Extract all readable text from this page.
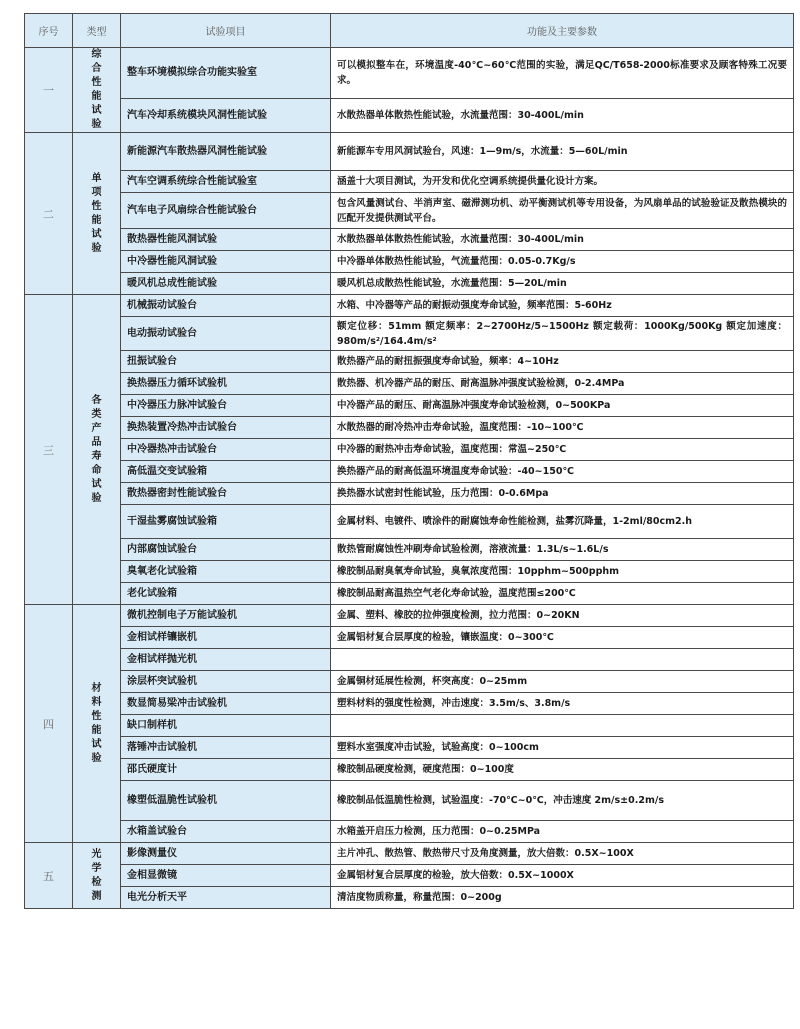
序号	类型	试验项目	功能及主要参数
一	综合性能试验	整车环境模拟综合功能实验室	可以模拟整车在，环境温度-40℃~60℃范围的实验，满足QC/T658-2000标准要求及顾客特殊工况要求。
		汽车冷却系统模块风洞性能试验	水散热器单体散热性能试验，水流量范围：30-400L/min
二	单项性能试验	新能源汽车散热器风洞性能试验	新能源车专用风洞试验台，风速：1—9m/s，水流量：5—60L/min
		汽车空调系统综合性能试验室	涵盖十大项目测试，为开发和优化空调系统提供量化设计方案。
		汽车电子风扇综合性能试验台	包含风量测试台、半消声室、磁滞测功机、动平衡测试机等专用设备，为风扇单品的试验验证及散热模块的匹配开发提供测试平台。
		散热器性能风洞试验	水散热器单体散热性能试验，水流量范围：30-400L/min
		中冷器性能风洞试验	中冷器单体散热性能试验，气流量范围：0.05-0.7Kg/s
		暖风机总成性能试验	暖风机总成散热性能试验，水流量范围：5—20L/min
三	各类产品寿命试验	机械振动试验台	水箱、中冷器等产品的耐振动强度寿命试验，频率范围：5-60Hz
		电动振动试验台	额定位移：51mm 额定频率：2~2700Hz/5~1500Hz 额定载荷：1000Kg/500Kg 额定加速度：980m/s²/164.4m/s²
		扭振试验台	散热器产品的耐扭振强度寿命试验，频率：4~10Hz
		换热器压力循环试验机	散热器、机冷器产品的耐压、耐高温脉冲强度试验检测，0-2.4MPa
		中冷器压力脉冲试验台	中冷器产品的耐压、耐高温脉冲强度寿命试验检测，0~500KPa
		换热装置冷热冲击试验台	水散热器的耐冷热冲击寿命试验，温度范围：-10~100℃
		中冷器热冲击试验台	中冷器的耐热冲击寿命试验，温度范围：常温~250℃
		高低温交变试验箱	换热器产品的耐高低温环境温度寿命试验：-40~150℃
		散热器密封性能试验台	换热器水试密封性能试验，压力范围：0-0.6Mpa
		干湿盐雾腐蚀试验箱	金属材料、电镀件、喷涂件的耐腐蚀寿命性能检测，盐雾沉降量，1-2ml/80cm2.h
		内部腐蚀试验台	散热管耐腐蚀性冲刷寿命试验检测，溶液流量：1.3L/s~1.6L/s
		臭氧老化试验箱	橡胶制品耐臭氧寿命试验，臭氧浓度范围：10pphm~500pphm
		老化试验箱	橡胶制品耐高温热空气老化寿命试验，温度范围≤200℃
四	材料性能试验	微机控制电子万能试验机	金属、塑料、橡胶的拉伸强度检测，拉力范围：0~20KN
		金相试样镶嵌机	金属铝材复合层厚度的检验，镶嵌温度：0~300℃
		金相试样抛光机	
		涂层杯突试验机	金属铜材延展性检测，杯突高度：0~25mm
		数显简易梁冲击试验机	塑料材料的强度性检测，冲击速度：3.5m/s、3.8m/s
		缺口制样机	
		落锤冲击试验机	塑料水室强度冲击试验，试验高度：0~100cm
		邵氏硬度计	橡胶制品硬度检测，硬度范围：0~100度
		橡塑低温脆性试验机	橡胶制品低温脆性检测，试验温度：-70℃~0℃，冲击速度 2m/s±0.2m/s
		水箱盖试验台	水箱盖开启压力检测，压力范围：0~0.25MPa
五	光学检测	影像测量仪	主片冲孔、散热管、散热带尺寸及角度测量，放大倍数：0.5X~100X
		金相显微镜	金属铝材复合层厚度的检验，放大倍数：0.5X~1000X
		电光分析天平	清洁度物质称量，称量范围：0~200g
